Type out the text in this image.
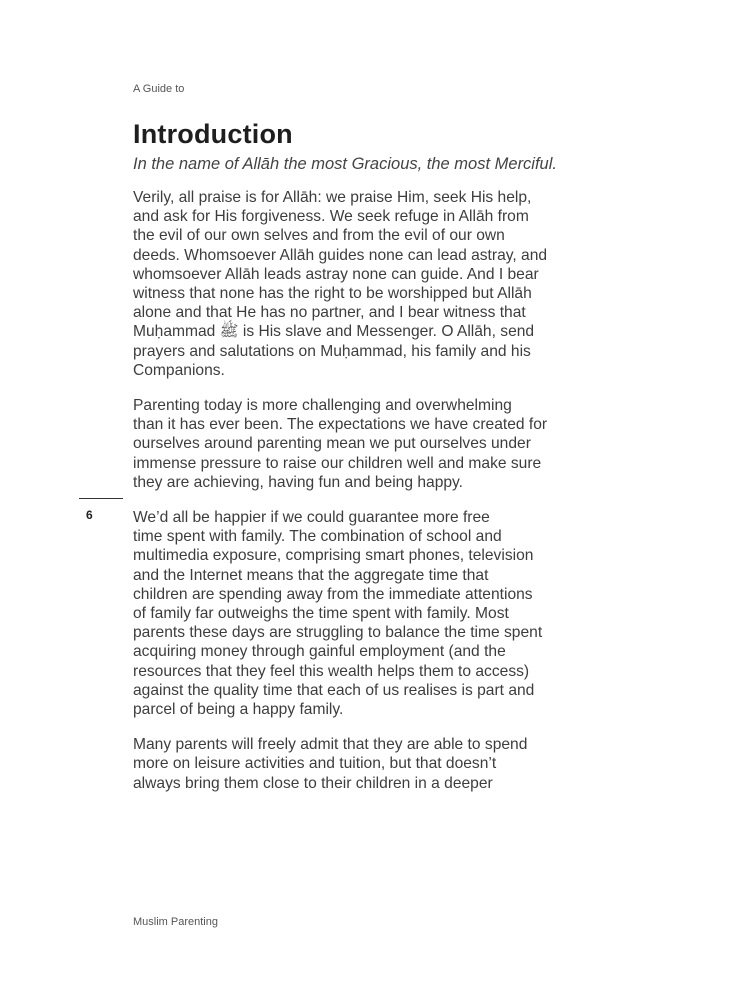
A Guide to
Introduction

In the name of Allāh the most Gracious, the most Merciful.

Verily, all praise is for Allāh: we praise Him, seek His help,
and ask for His forgiveness. We seek refuge in Allāh from
the evil of our own selves and from the evil of our own
deeds. Whomsoever Allāh guides none can lead astray, and
whomsoever Allāh leads astray none can guide. And I bear
witness that none has the right to be worshipped but Allāh
alone and that He has no partner, and I bear witness that
Muḥammad ﷺ is His slave and Messenger. O Allāh, send
prayers and salutations on Muḥammad, his family and his
Companions.

Parenting today is more challenging and overwhelming
than it has ever been. The expectations we have created for
ourselves around parenting mean we put ourselves under
immense pressure to raise our children well and make sure
they are achieving, having fun and being happy.

We’d all be happier if we could guarantee more free
time spent with family. The combination of school and
multimedia exposure, comprising smart phones, television
and the Internet means that the aggregate time that
children are spending away from the immediate attentions
of family far outweighs the time spent with family. Most
parents these days are struggling to balance the time spent
acquiring money through gainful employment (and the
resources that they feel this wealth helps them to access)
against the quality time that each of us realises is part and
parcel of being a happy family.

Many parents will freely admit that they are able to spend
more on leisure activities and tuition, but that doesn’t
always bring them close to their children in a deeper

6
Muslim Parenting
